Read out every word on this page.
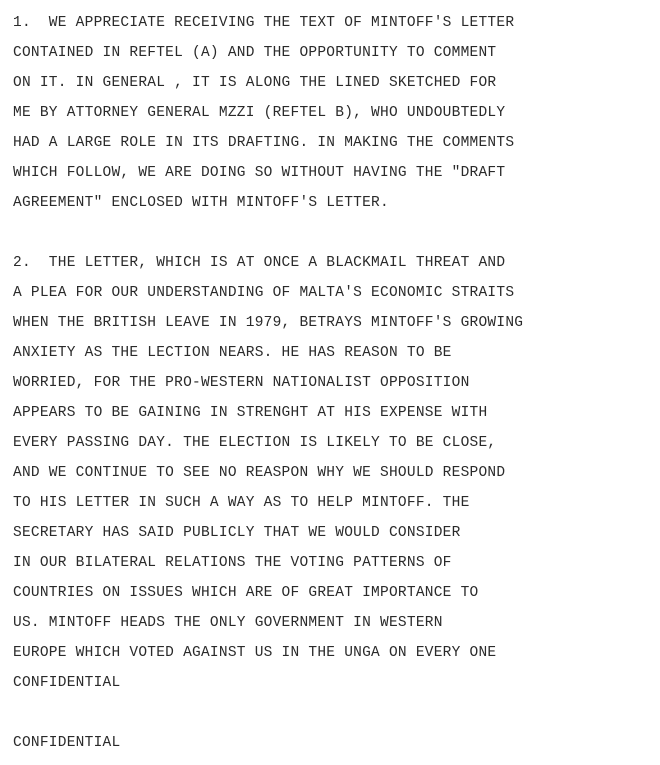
1.  WE APPRECIATE RECEIVING THE TEXT OF MINTOFF'S LETTER
CONTAINED IN REFTEL (A) AND THE OPPORTUNITY TO COMMENT
ON IT. IN GENERAL , IT IS ALONG THE LINED SKETCHED FOR
ME BY ATTORNEY GENERAL MZZI (REFTEL B), WHO UNDOUBTEDLY
HAD A LARGE ROLE IN ITS DRAFTING. IN MAKING THE COMMENTS
WHICH FOLLOW, WE ARE DOING SO WITHOUT HAVING THE "DRAFT
AGREEMENT" ENCLOSED WITH MINTOFF'S LETTER.
2.  THE LETTER, WHICH IS AT ONCE A BLACKMAIL THREAT AND
A PLEA FOR OUR UNDERSTANDING OF MALTA'S ECONOMIC STRAITS
WHEN THE BRITISH LEAVE IN 1979, BETRAYS MINTOFF'S GROWING
ANXIETY AS THE LECTION NEARS. HE HAS REASON TO BE
WORRIED, FOR THE PRO-WESTERN NATIONALIST OPPOSITION
APPEARS TO BE GAINING IN STRENGHT AT HIS EXPENSE WITH
EVERY PASSING DAY. THE ELECTION IS LIKELY TO BE CLOSE,
AND WE CONTINUE TO SEE NO REASPON WHY WE SHOULD RESPOND
TO HIS LETTER IN SUCH A WAY AS TO HELP MINTOFF. THE
SECRETARY HAS SAID PUBLICLY THAT WE WOULD CONSIDER
IN OUR BILATERAL RELATIONS THE VOTING PATTERNS OF
COUNTRIES ON ISSUES WHICH ARE OF GREAT IMPORTANCE TO
US. MINTOFF HEADS THE ONLY GOVERNMENT IN WESTERN
EUROPE WHICH VOTED AGAINST US IN THE UNGA ON EVERY ONE
CONFIDENTIAL
CONFIDENTIAL
